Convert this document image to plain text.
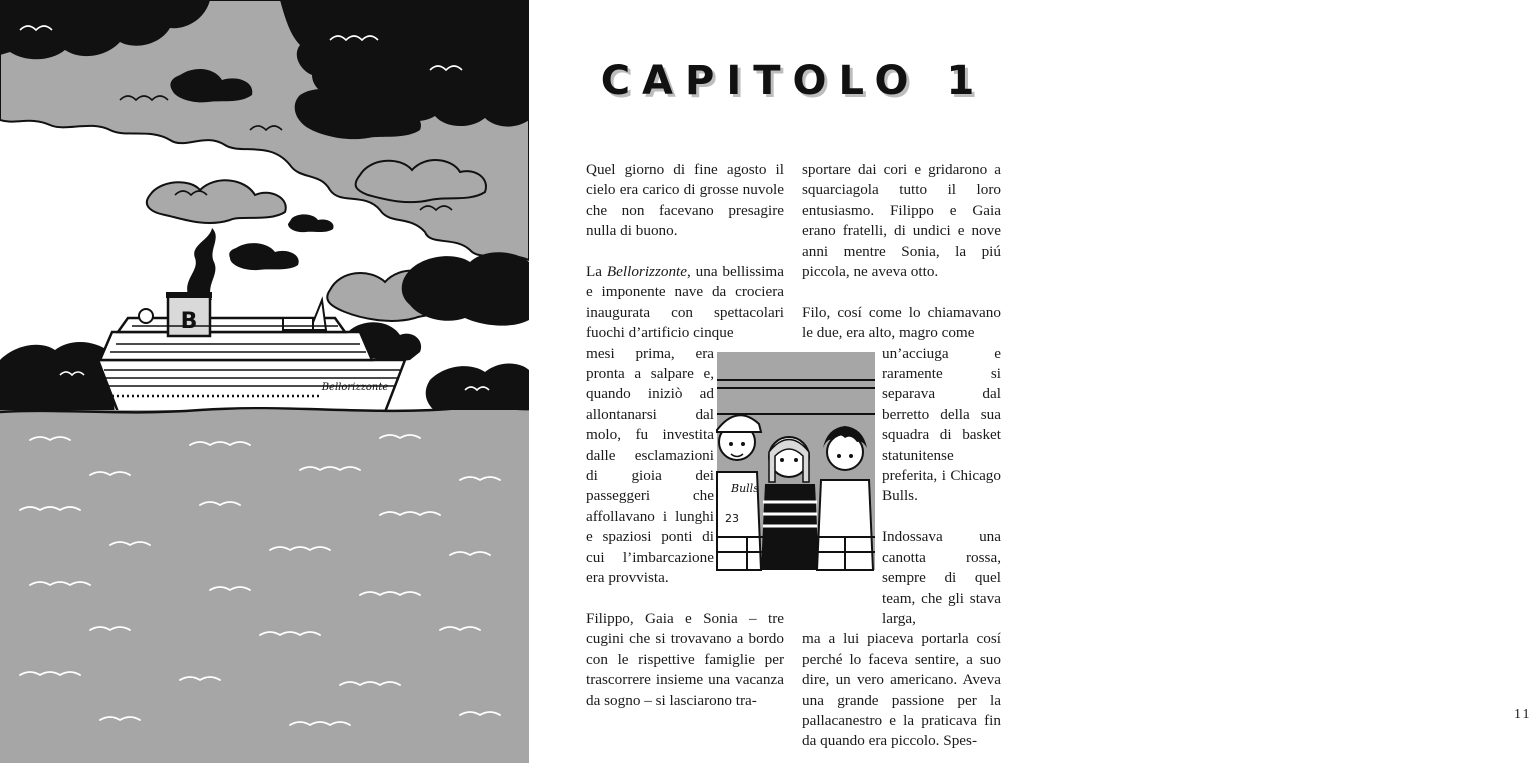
B
Bellorizzonte
CAPITOLO 1

Quel giorno di fine agosto il cielo era carico di grosse nuvole che non facevano presagire nulla di buono.

La Bellorizzonte, una bellissima e imponente nave da crociera inaugurata con spettacolari fuochi d’artificio cinque

mesi prima, era pronta a salpare e, quando iniziò ad allontanarsi dal molo, fu investita dalle esclamazioni di gioia dei passeggeri che affollavano i lunghi e spaziosi ponti di cui l’imbarcazione era provvista.

Filippo, Gaia e Sonia – tre cugini che si trovavano a bordo con le rispettive famiglie per trascorrere insieme una vacanza da sogno – si lasciarono tra-

sportare dai cori e gridarono a squarciagola tutto il loro entusiasmo. Filippo e Gaia erano fratelli, di undici e nove anni mentre Sonia, la piú piccola, ne aveva otto.

Filo, cosí come lo chiamavano le due, era alto, magro come

un’acciuga e raramente si separava dal berretto della sua squadra di basket statunitense preferita, i Chicago Bulls.

Indossava una canotta rossa, sempre di quel team, che gli stava larga,

ma a lui piaceva portarla cosí perché lo faceva sentire, a suo dire, un vero americano. Aveva una grande passione per la pallacanestro e la praticava fin da quando era piccolo. Spes-

11
Bulls
23
